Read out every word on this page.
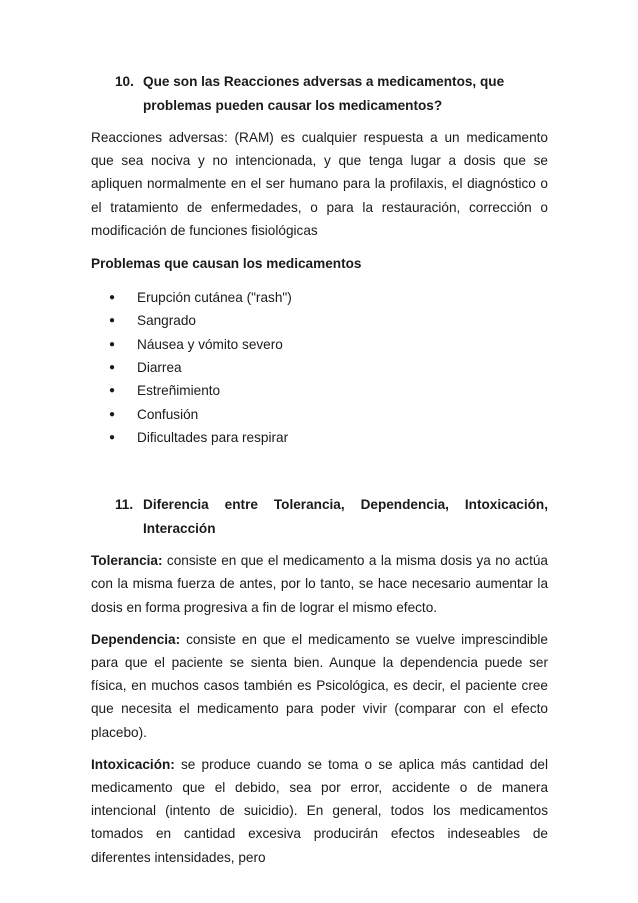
10. Que son las Reacciones adversas a medicamentos, que problemas pueden causar los medicamentos?

Reacciones adversas: (RAM) es cualquier respuesta a un medicamento que sea nociva y no intencionada, y que tenga lugar a dosis que se apliquen normalmente en el ser humano para la profilaxis, el diagnóstico o el tratamiento de enfermedades, o para la restauración, corrección o modificación de funciones fisiológicas

Problemas que causan los medicamentos
●	Erupción cutánea ("rash")
●	Sangrado
●	Náusea y vómito severo
●	Diarrea
●	Estreñimiento
●	Confusión
●	Dificultades para respirar
11. Diferencia entre Tolerancia, Dependencia, Intoxicación,
Interacción

Tolerancia: consiste en que el medicamento a la misma dosis ya no actúa con la misma fuerza de antes, por lo tanto, se hace necesario aumentar la dosis en forma progresiva a fin de lograr el mismo efecto.

Dependencia: consiste en que el medicamento se vuelve imprescindible para que el paciente se sienta bien. Aunque la dependencia puede ser física, en muchos casos también es Psicológica, es decir, el paciente cree que necesita el medicamento para poder vivir (comparar con el efecto placebo).

Intoxicación: se produce cuando se toma o se aplica más cantidad del medicamento que el debido, sea por error, accidente o de manera intencional (intento de suicidio). En general, todos los medicamentos tomados en cantidad excesiva producirán efectos indeseables de diferentes intensidades, pero
